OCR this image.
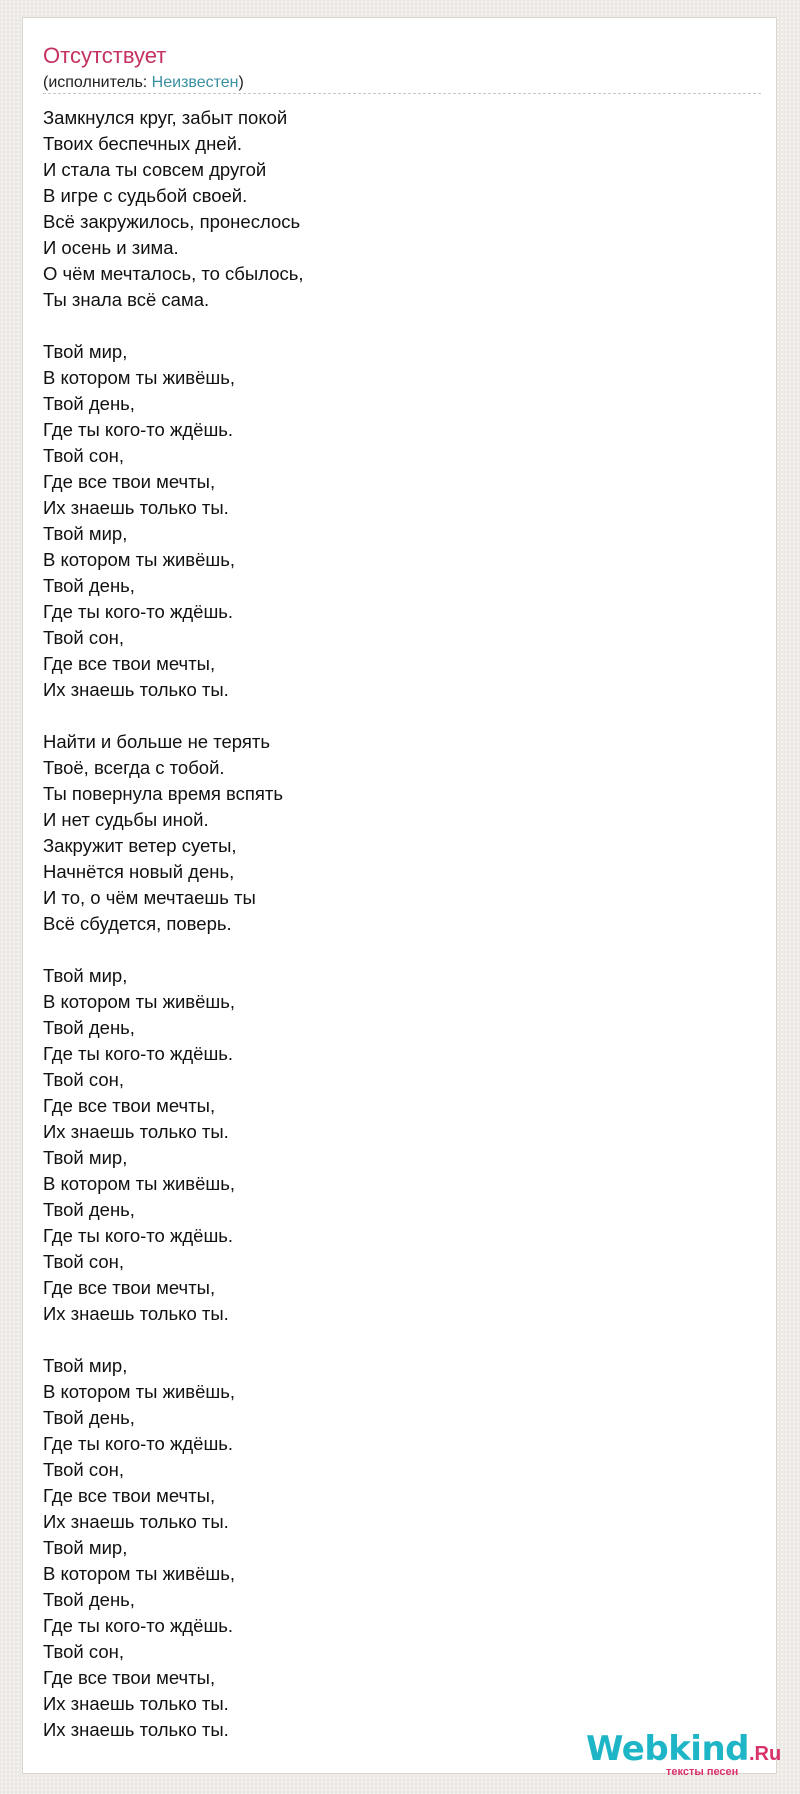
Отсутствует
(исполнитель: Неизвестен)
Замкнулся круг, забыт покой
Твоих беспечных дней.
И стала ты совсем другой
В игре с судьбой своей.
Всё закружилось, пронеслось
И осень и зима.
О чём мечталось, то сбылось,
Ты знала всё сама.
Твой мир,
В котором ты живёшь,
Твой день,
Где ты кого-то ждёшь.
Твой сон,
Где все твои мечты,
Их знаешь только ты.
Твой мир,
В котором ты живёшь,
Твой день,
Где ты кого-то ждёшь.
Твой сон,
Где все твои мечты,
Их знаешь только ты.
Найти и больше не терять
Твоё, всегда с тобой.
Ты повернула время вспять
И нет судьбы иной.
Закружит ветер суеты,
Начнётся новый день,
И то, о чём мечтаешь ты
Всё сбудется, поверь.
Твой мир,
В котором ты живёшь,
Твой день,
Где ты кого-то ждёшь.
Твой сон,
Где все твои мечты,
Их знаешь только ты.
Твой мир,
В котором ты живёшь,
Твой день,
Где ты кого-то ждёшь.
Твой сон,
Где все твои мечты,
Их знаешь только ты.
Твой мир,
В котором ты живёшь,
Твой день,
Где ты кого-то ждёшь.
Твой сон,
Где все твои мечты,
Их знаешь только ты.
Твой мир,
В котором ты живёшь,
Твой день,
Где ты кого-то ждёшь.
Твой сон,
Где все твои мечты,
Их знаешь только ты.
Их знаешь только ты.	Webkind.Ru
тексты песен
